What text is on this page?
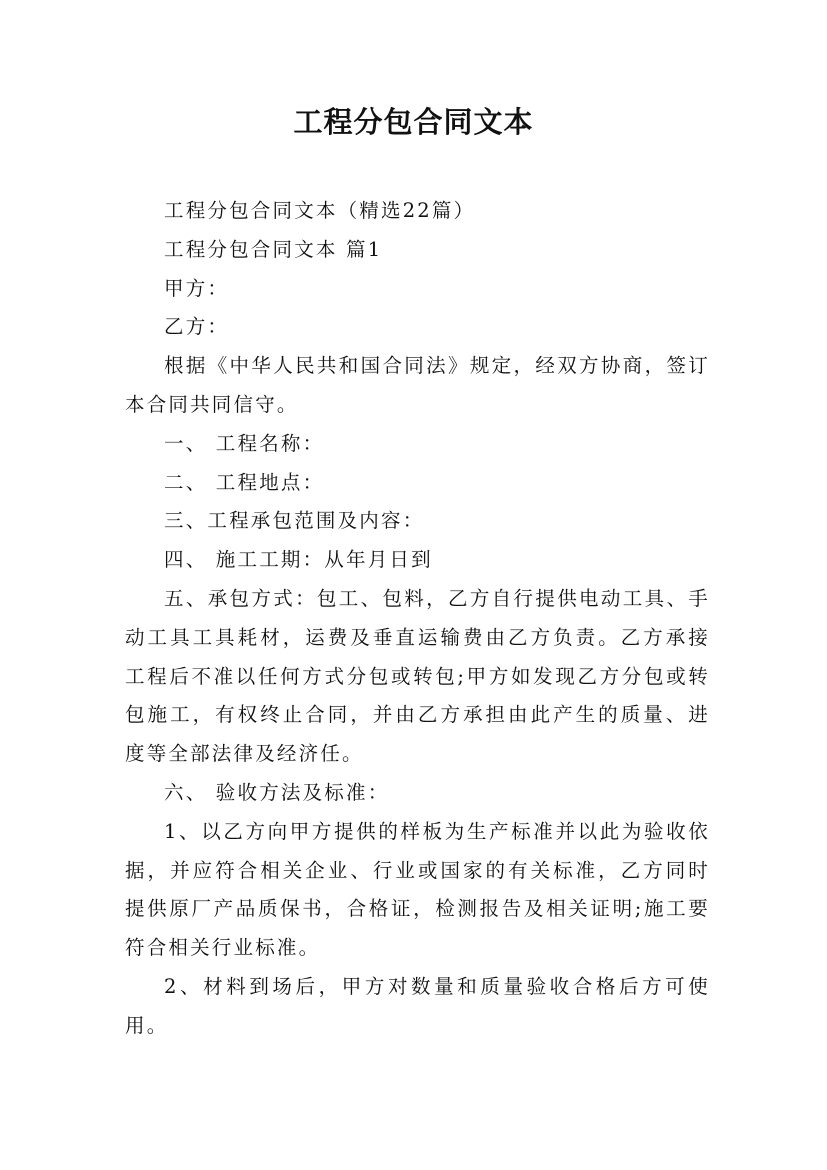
工程分包合同文本

工程分包合同文本（精选22篇）

工程分包合同文本 篇1

甲方：

乙方：

根据《中华人民共和国合同法》规定，经双方协商，签订本合同共同信守。

一、 工程名称：

二、 工程地点：

三、工程承包范围及内容：

四、 施工工期：从年月日到

五、承包方式：包工、包料，乙方自行提供电动工具、手动工具工具耗材，运费及垂直运输费由乙方负责。乙方承接工程后不准以任何方式分包或转包;甲方如发现乙方分包或转包施工，有权终止合同，并由乙方承担由此产生的质量、进度等全部法律及经济任。

六、 验收方法及标准：

1、以乙方向甲方提供的样板为生产标准并以此为验收依据，并应符合相关企业、行业或国家的有关标准，乙方同时提供原厂产品质保书，合格证，检测报告及相关证明;施工要符合相关行业标准。

2、材料到场后，甲方对数量和质量验收合格后方可使用。
